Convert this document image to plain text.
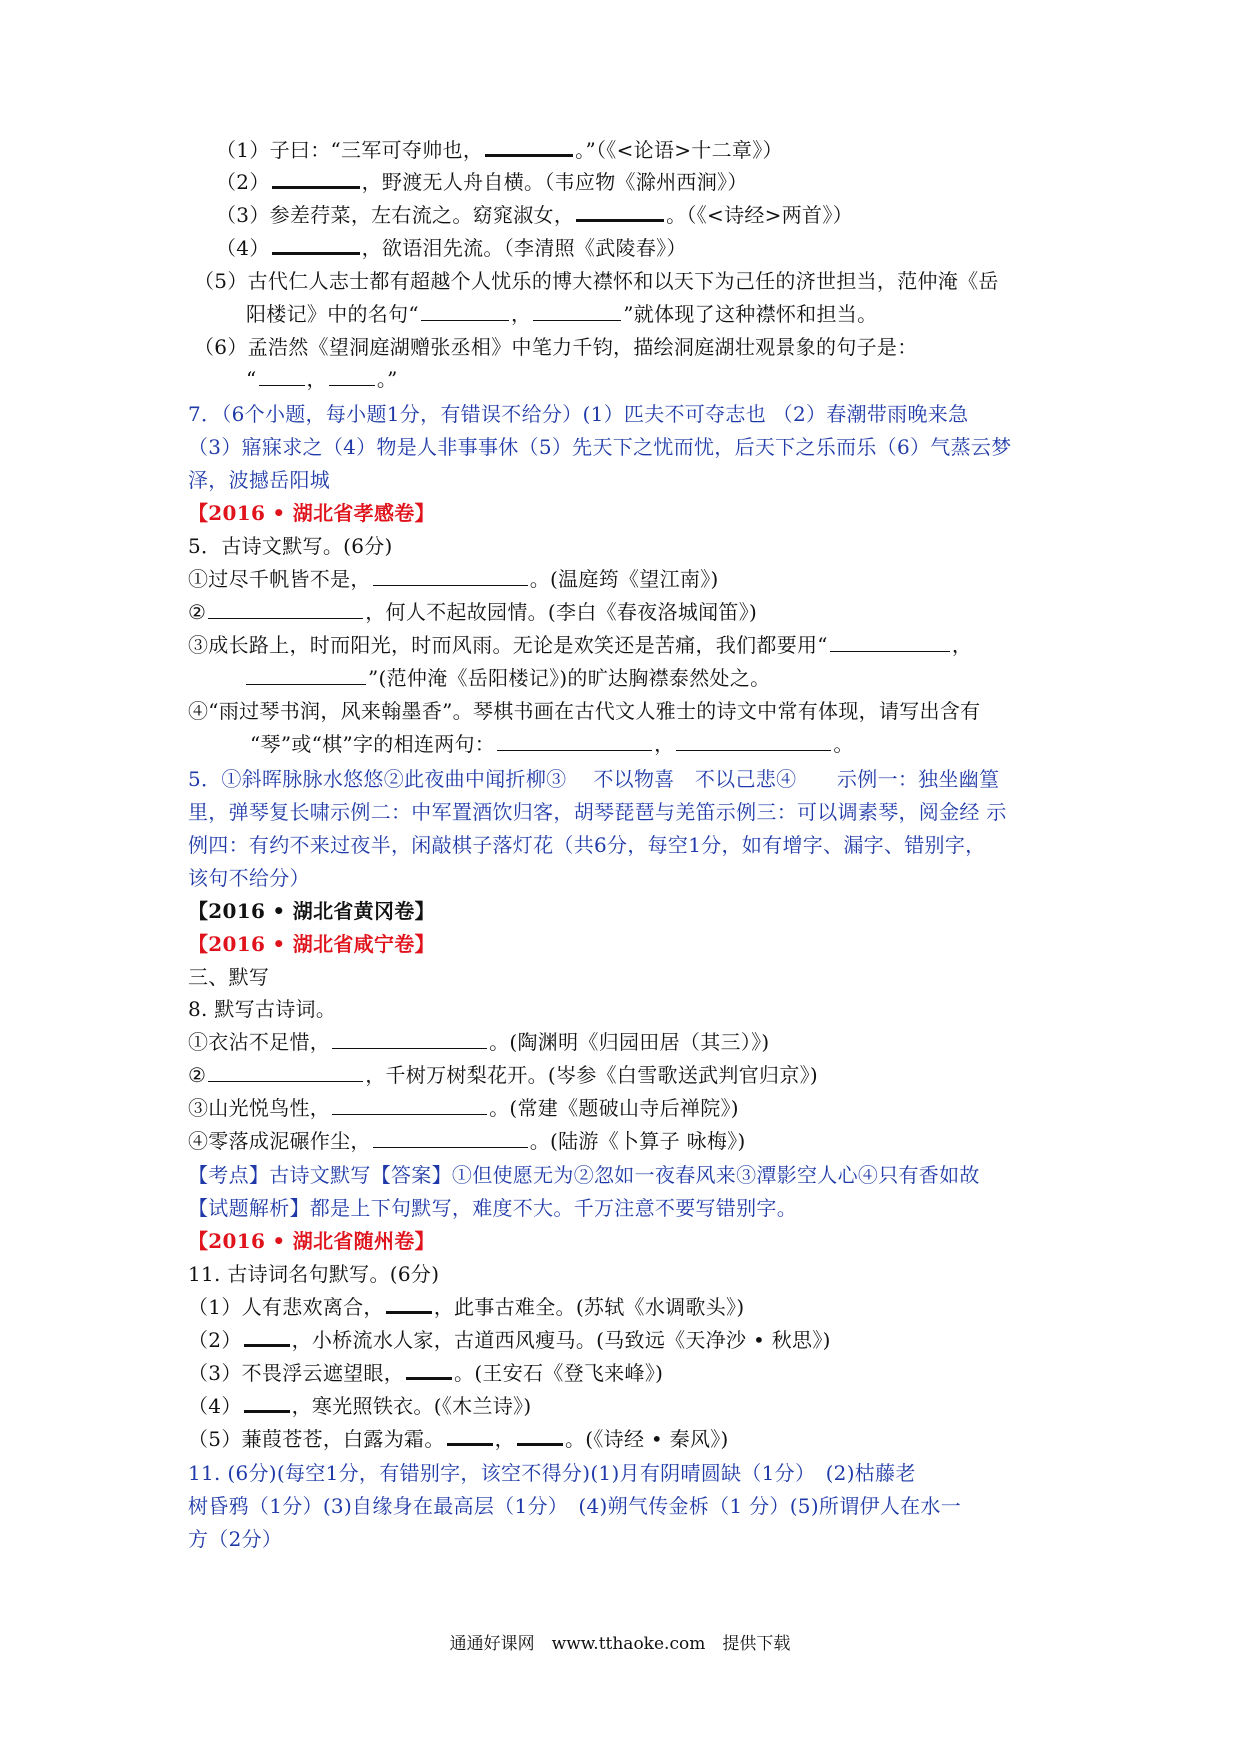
（1）子曰：“三军可夺帅也，	。”（《<论语>十二章》）
（2）	，野渡无人舟自横。（韦应物《滁州西涧》）
（3）参差荇菜，左右流之。窈窕淑女，	。（《<诗经>两首》）
（4）	，欲语泪先流。（李清照《武陵春》）
（5）古代仁人志士都有超越个人忧乐的博大襟怀和以天下为己任的济世担当，范仲淹《岳
阳楼记》中的名句“	，	”就体现了这种襟怀和担当。
（6）孟浩然《望洞庭湖赠张丞相》中笔力千钧，描绘洞庭湖壮观景象的句子是：
“	，	。”
7．（6个小题，每小题1分，有错误不给分）(1）匹夫不可夺志也 （2）春潮带雨晚来急
（3）寤寐求之（4）物是人非事事休（5）先天下之忧而忧，后天下之乐而乐（6）气蒸云梦
泽，波撼岳阳城
【2016 • 湖北省孝感卷】
5．古诗文默写。(6分)
①过尽千帆皆不是，	。(温庭筠《望江南》)
②	，何人不起故园情。(李白《春夜洛城闻笛》)
③成长路上，时而阳光，时而风雨。无论是欢笑还是苦痛，我们都要用“	，
”(范仲淹《岳阳楼记》)的旷达胸襟泰然处之。
④“雨过琴书润，风来翰墨香”。琴棋书画在古代文人雅士的诗文中常有体现，请写出含有
“琴”或“棋”字的相连两句：	，	。
5．①斜晖脉脉水悠悠②此夜曲中闻折柳③　 不以物喜　不以己悲④　　示例一：独坐幽篁
里，弹琴复长啸示例二：中军置酒饮归客，胡琴琵琶与羌笛示例三：可以调素琴，阅金经 示
例四：有约不来过夜半，闲敲棋子落灯花（共6分，每空1分，如有增字、漏字、错别字，
该句不给分）
【2016 • 湖北省黄冈卷】
【2016 • 湖北省咸宁卷】
三、默写
8. 默写古诗词。
①衣沾不足惜，	。(陶渊明《归园田居（其三）》)
②	，千树万树梨花开。(岑参《白雪歌送武判官归京》)
③山光悦鸟性，	。(常建《题破山寺后禅院》)
④零落成泥碾作尘，	。(陆游《卜算子 咏梅》)
【考点】古诗文默写【答案】①但使愿无为②忽如一夜春风来③潭影空人心④只有香如故
【试题解析】都是上下句默写，难度不大。千万注意不要写错别字。
【2016 • 湖北省随州卷】
11. 古诗词名句默写。(6分)
（1）人有悲欢离合，	，此事古难全。(苏轼《水调歌头》)
（2）	，小桥流水人家，古道西风瘦马。(马致远《天净沙 • 秋思》)
（3）不畏浮云遮望眼，	。(王安石《登飞来峰》)
（4）	，寒光照铁衣。(《木兰诗》)
（5）蒹葭苍苍，白露为霜。	，	。(《诗经 • 秦风》)
11. (6分)(每空1分，有错别字，该空不得分)(1)月有阴晴圆缺（1分）　(2)枯藤老
树昏鸦（1分）(3)自缘身在最高层（1分）　(4)朔气传金柝（1 分）(5)所谓伊人在水一
方（2分）
通通好课网　www.tthaoke.com　提供下载
